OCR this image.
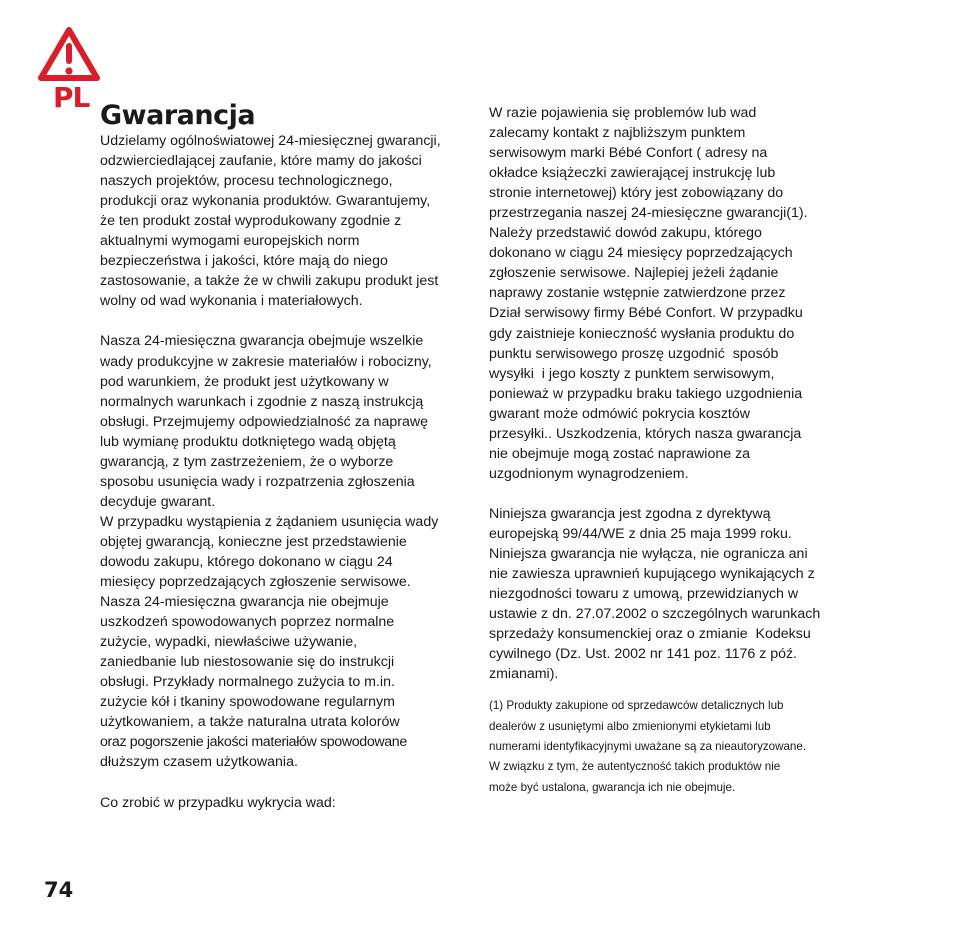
PL
Gwarancja

Udzielamy ogólnoświatowej 24-miesięcznej gwarancji,

odzwierciedlającej zaufanie, które mamy do jakości

naszych projektów, procesu technologicznego,

produkcji oraz wykonania produktów. Gwarantujemy,

że ten produkt został wyprodukowany zgodnie z

aktualnymi wymogami europejskich norm

bezpieczeństwa i jakości, które mają do niego

zastosowanie, a także że w chwili zakupu produkt jest

wolny od wad wykonania i materiałowych.

Nasza 24-miesięczna gwarancja obejmuje wszelkie

wady produkcyjne w zakresie materiałów i robocizny,

pod warunkiem, że produkt jest użytkowany w

normalnych warunkach i zgodnie z naszą instrukcją

obsługi. Przejmujemy odpowiedzialność za naprawę

lub wymianę produktu dotkniętego wadą objętą

gwarancją, z tym zastrzeżeniem, że o wyborze

sposobu usunięcia wady i rozpatrzenia zgłoszenia

decyduje gwarant.

W przypadku wystąpienia z żądaniem usunięcia wady

objętej gwarancją, konieczne jest przedstawienie

dowodu zakupu, którego dokonano w ciągu 24

miesięcy poprzedzających zgłoszenie serwisowe.

Nasza 24-miesięczna gwarancja nie obejmuje

uszkodzeń spowodowanych poprzez normalne

zużycie, wypadki, niewłaściwe używanie,

zaniedbanie lub niestosowanie się do instrukcji

obsługi. Przykłady normalnego zużycia to m.in.

zużycie kół i tkaniny spowodowane regularnym

użytkowaniem, a także naturalna utrata kolorów

oraz pogorszenie jakości materiałów spowodowane

dłuższym czasem użytkowania.

Co zrobić w przypadku wykrycia wad:

W razie pojawienia się problemów lub wad

zalecamy kontakt z najbliższym punktem

serwisowym marki Bébé Confort ( adresy na

okładce książeczki zawierającej instrukcję lub

stronie internetowej) który jest zobowiązany do

przestrzegania naszej 24-miesięczne gwarancji(1).

Należy przedstawić dowód zakupu, którego

dokonano w ciągu 24 miesięcy poprzedzających

zgłoszenie serwisowe. Najlepiej jeżeli żądanie

naprawy zostanie wstępnie zatwierdzone przez

Dział serwisowy firmy Bébé Confort. W przypadku

gdy zaistnieje konieczność wysłania produktu do

punktu serwisowego proszę uzgodnić  sposób

wysyłki  i jego koszty z punktem serwisowym,

ponieważ w przypadku braku takiego uzgodnienia

gwarant może odmówić pokrycia kosztów

przesyłki.. Uszkodzenia, których nasza gwarancja

nie obejmuje mogą zostać naprawione za

uzgodnionym wynagrodzeniem.

Niniejsza gwarancja jest zgodna z dyrektywą

europejską 99/44/WE z dnia 25 maja 1999 roku.

Niniejsza gwarancja nie wyłącza, nie ogranicza ani

nie zawiesza uprawnień kupującego wynikających z

niezgodności towaru z umową, przewidzianych w

ustawie z dn. 27.07.2002 o szczególnych warunkach

sprzedaży konsumenckiej oraz o zmianie  Kodeksu

cywilnego (Dz. Ust. 2002 nr 141 poz. 1176 z póź.

zmianami).

(1) Produkty zakupione od sprzedawców detalicznych lub

dealerów z usuniętymi albo zmienionymi etykietami lub

numerami identyfikacyjnymi uważane są za nieautoryzowane.

W związku z tym, że autentyczność takich produktów nie

może być ustalona, gwarancja ich nie obejmuje.

74
